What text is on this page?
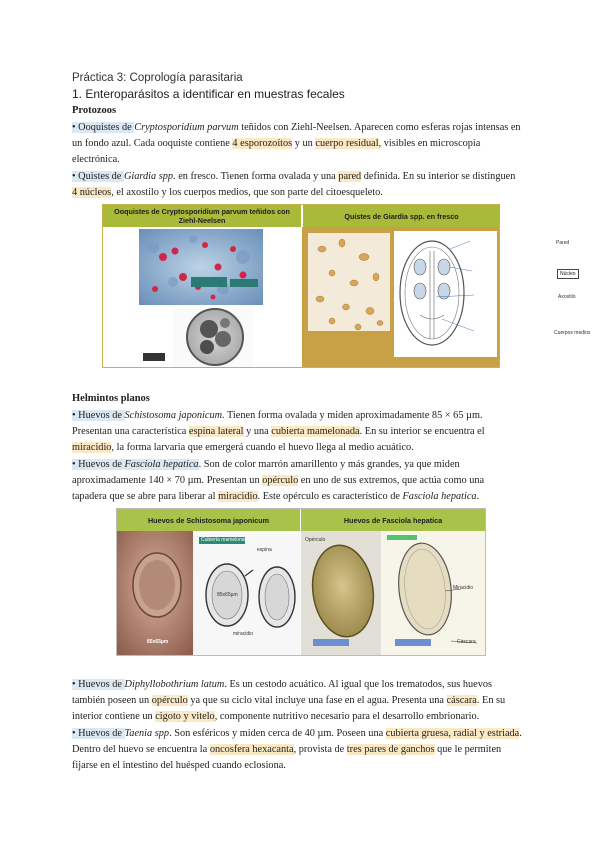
Práctica 3: Coprología parasitaria
1. Enteroparásitos a identificar en muestras fecales
Protozoos
• Ooquistes de Cryptosporidium parvum teñidos con Ziehl-Neelsen. Aparecen como esferas rojas intensas en
un fondo azul. Cada ooquiste contiene 4 esporozoítos y un cuerpo residual, visibles en microscopía
electrónica.
• Quistes de Giardia spp. en fresco. Tienen forma ovalada y una pared definida. En su interior se distinguen
4 núcleos, el axostilo y los cuerpos medios, que son parte del citoesqueleto.
Ooquistes de Cryptosporidium parvum teñidos con Ziehl-Neelsen	Quistes de Giardia spp. en fresco
Pared
Núcleo
Axostilo
Cuerpos medios
Helmintos planos
• Huevos de Schistosoma japonicum. Tienen forma ovalada y miden aproximadamente 85 × 65 µm.
Presentan una característica espina lateral y una cubierta mamelonada. En su interior se encuentra el
miracidio, la forma larvaria que emergerá cuando el huevo llega al medio acuático.
• Huevos de Fasciola hepatica. Son de color marrón amarillento y más grandes, ya que miden
aproximadamente 140 × 70 µm. Presentan un opérculo en uno de sus extremos, que actúa como una
tapadera que se abre para liberar al miracidio. Este opérculo es característico de Fasciola hepatica.
Huevos de Schistosoma japonicum	Huevos de Fasciola hepatica
Cubierta mamelonada
espina
85x65µm
miracidio
85x65µm
Opérculo
Miracidio
Cáscara
• Huevos de Diphyllobothrium latum. Es un cestodo acuático. Al igual que los trematodos, sus huevos
también poseen un opérculo ya que su ciclo vital incluye una fase en el agua. Presenta una cáscara. En su
interior contiene un cigoto y vitelo, componente nutritivo necesario para el desarrollo embrionario.
• Huevos de Taenia spp. Son esféricos y miden cerca de 40 µm. Poseen una cubierta gruesa, radial y estriada.
Dentro del huevo se encuentra la oncosfera hexacanta, provista de tres pares de ganchos que le permiten
fijarse en el intestino del huésped cuando eclosiona.
